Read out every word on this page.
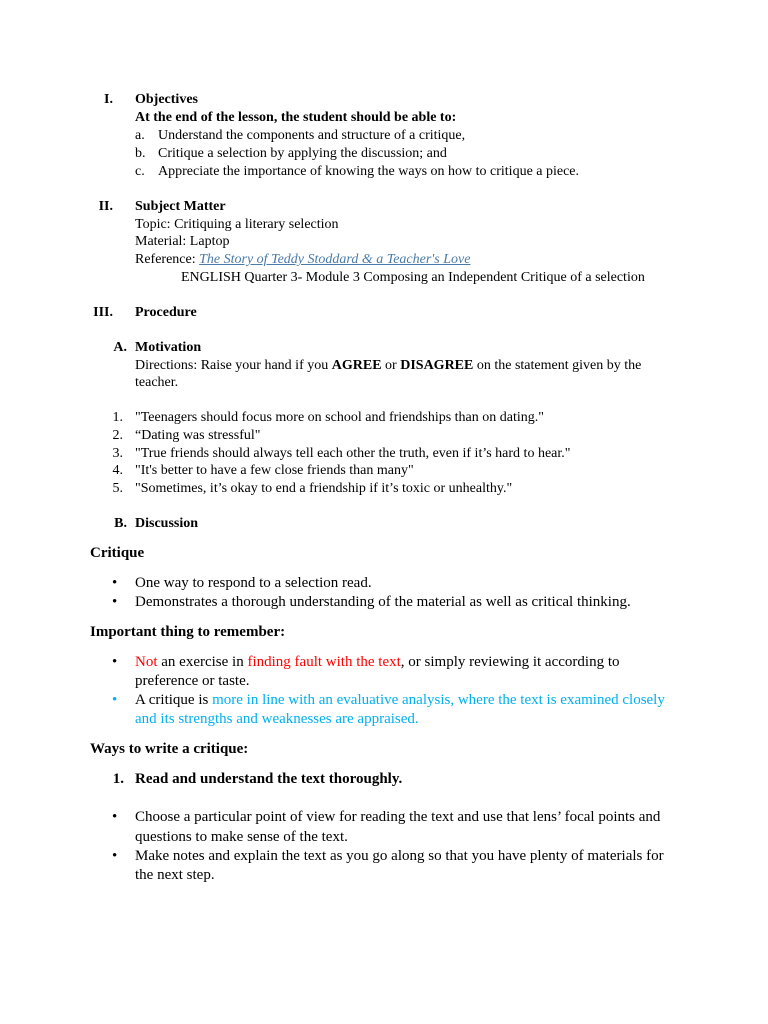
I. Objectives
At the end of the lesson, the student should be able to:
a. Understand the components and structure of a critique,
b. Critique a selection by applying the discussion; and
c. Appreciate the importance of knowing the ways on how to critique a piece.
II. Subject Matter
Topic: Critiquing a literary selection
Material: Laptop
Reference: The Story of Teddy Stoddard & a Teacher's Love
ENGLISH Quarter 3- Module 3 Composing an Independent Critique of a selection
III. Procedure
A. Motivation
Directions: Raise your hand if you AGREE or DISAGREE on the statement given by the
teacher.
1. "Teenagers should focus more on school and friendships than on dating."
2. “Dating was stressful"
3. "True friends should always tell each other the truth, even if it’s hard to hear."
4. "It's better to have a few close friends than many"
5. "Sometimes, it’s okay to end a friendship if it’s toxic or unhealthy."
B. Discussion
Critique
• One way to respond to a selection read.
• Demonstrates a thorough understanding of the material as well as critical thinking.
Important thing to remember:
• Not an exercise in finding fault with the text, or simply reviewing it according to
preference or taste.
• A critique is more in line with an evaluative analysis, where the text is examined closely
and its strengths and weaknesses are appraised.
Ways to write a critique:
1. Read and understand the text thoroughly.
• Choose a particular point of view for reading the text and use that lens’ focal points and
questions to make sense of the text.
• Make notes and explain the text as you go along so that you have plenty of materials for
the next step.
